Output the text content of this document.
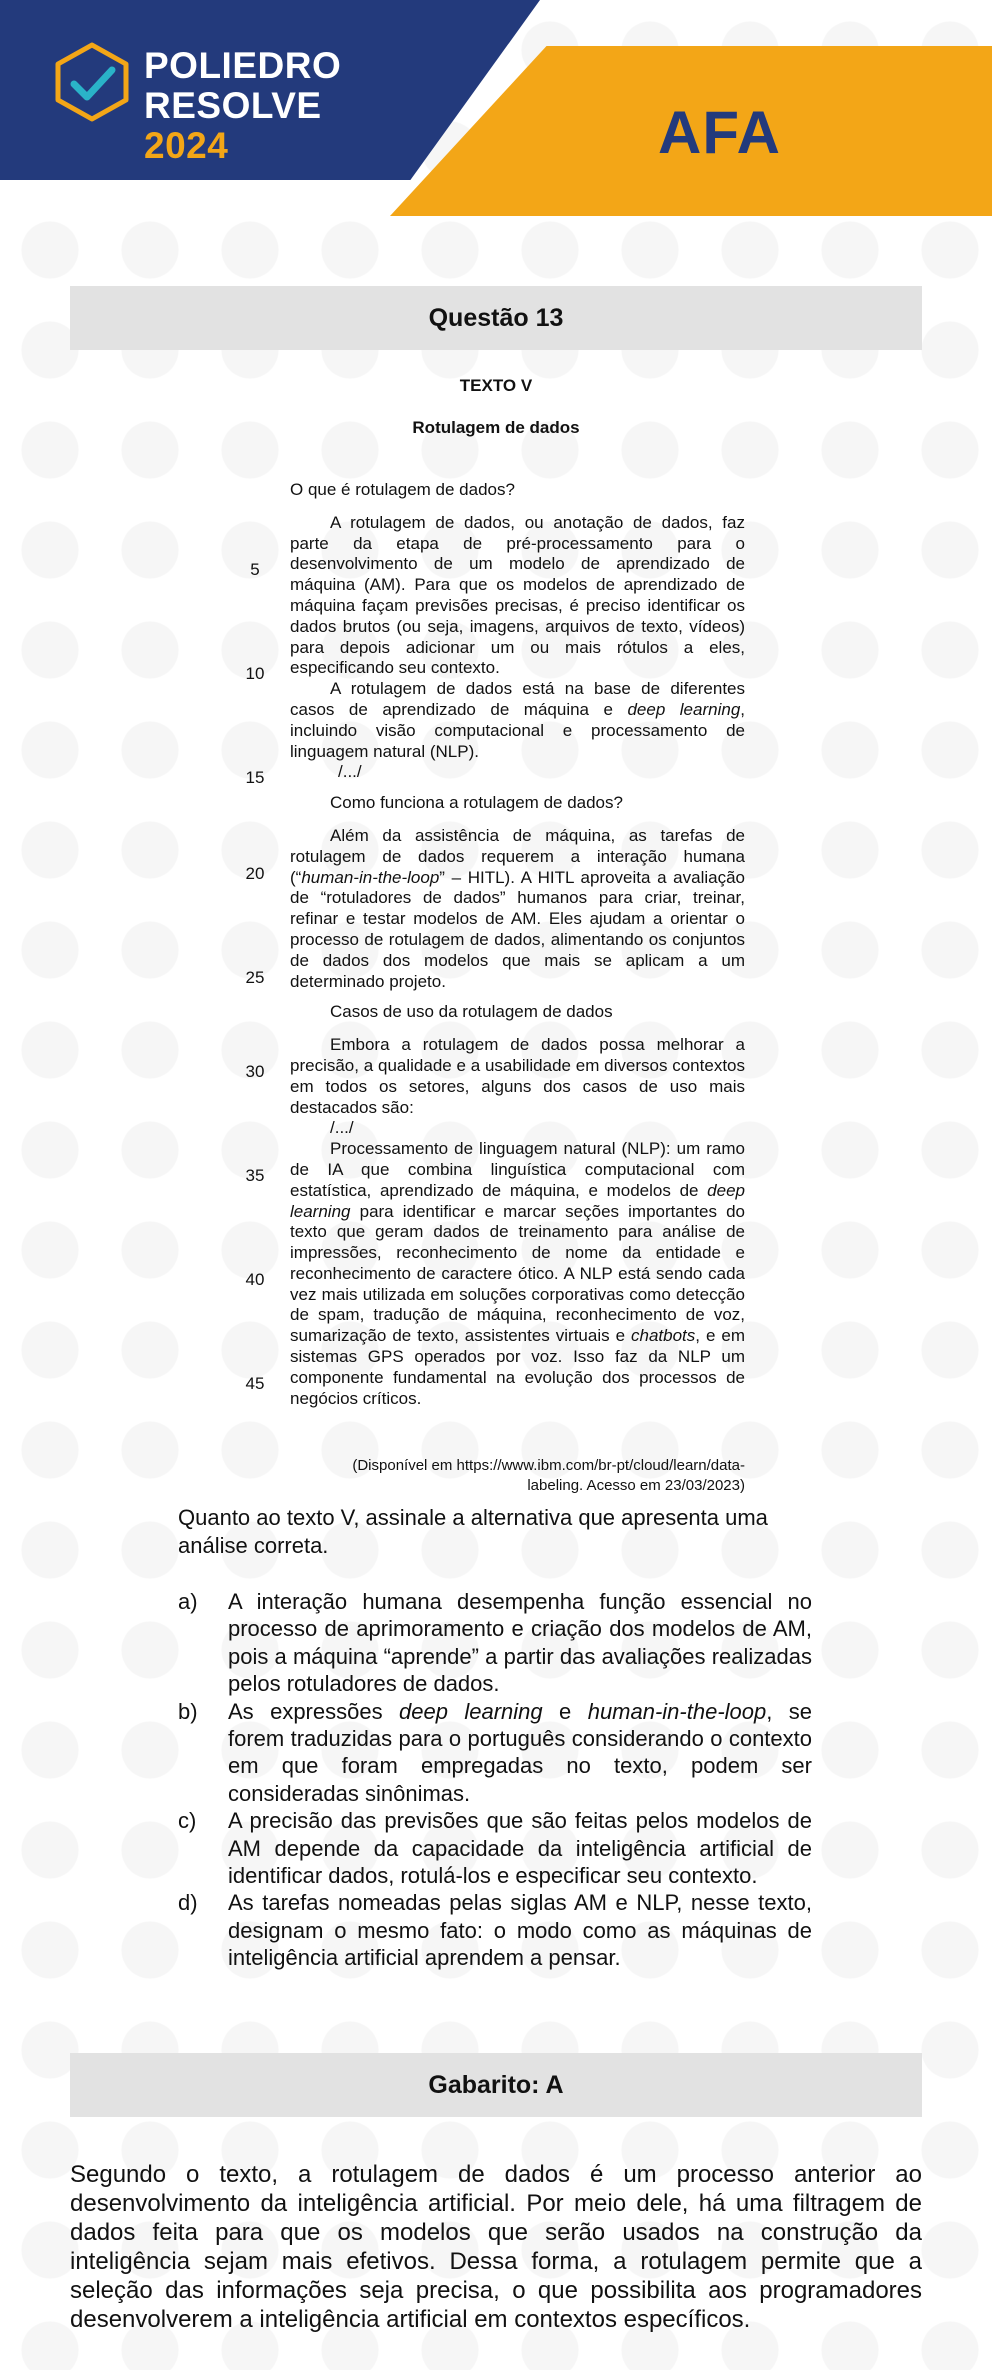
POLIEDRO
RESOLVE
2024	AFA
Questão 13
TEXTO V
Rotulagem de dados
5
10
15
20
25
30
35
40
45

O que é rotulagem de dados?

A rotulagem de dados, ou anotação de dados, faz parte da etapa de pré-processamento para o desenvolvimento de um modelo de aprendizado de máquina (AM). Para que os modelos de aprendizado de máquina façam previsões precisas, é preciso identificar os dados brutos (ou seja, imagens, arquivos de texto, vídeos) para depois adicionar um ou mais rótulos a eles, especificando seu contexto.

A rotulagem de dados está na base de diferentes casos de aprendizado de máquina e deep learning, incluindo visão computacional e processamento de linguagem natural (NLP).

/.../

Como funciona a rotulagem de dados?

Além da assistência de máquina, as tarefas de rotulagem de dados requerem a interação humana (“human-in-the-loop” – HITL). A HITL aproveita a avaliação de “rotuladores de dados” humanos para criar, treinar, refinar e testar modelos de AM. Eles ajudam a orientar o processo de rotulagem de dados, alimentando os conjuntos de dados dos modelos que mais se aplicam a um determinado projeto.

Casos de uso da rotulagem de dados

Embora a rotulagem de dados possa melhorar a precisão, a qualidade e a usabilidade em diversos contextos em todos os setores, alguns dos casos de uso mais destacados são:

/.../

Processamento de linguagem natural (NLP): um ramo de IA que combina linguística computacional com estatística, aprendizado de máquina, e modelos de deep learning para identificar e marcar seções importantes do texto que geram dados de treinamento para análise de impressões, reconhecimento de nome da entidade e reconhecimento de caractere ótico. A NLP está sendo cada vez mais utilizada em soluções corporativas como detecção de spam, tradução de máquina, reconhecimento de voz, sumarização de texto, assistentes virtuais e chatbots, e em sistemas GPS operados por voz. Isso faz da NLP um componente fundamental na evolução dos processos de negócios críticos.

(Disponível em https://www.ibm.com/br-pt/cloud/learn/data-labeling. Acesso em 23/03/2023)
Quanto ao texto V, assinale a alternativa que apresenta uma análise correta.
a)	A interação humana desempenha função essencial no processo de aprimoramento e criação dos modelos de AM, pois a máquina “aprende” a partir das avaliações realizadas pelos rotuladores de dados.
b)	As expressões deep learning e human-in-the-loop, se forem traduzidas para o português considerando o contexto em que foram empregadas no texto, podem ser consideradas sinônimas.
c)	A precisão das previsões que são feitas pelos modelos de AM depende da capacidade da inteligência artificial de identificar dados, rotulá-los e especificar seu contexto.
d)	As tarefas nomeadas pelas siglas AM e NLP, nesse texto, designam o mesmo fato: o modo como as máquinas de inteligência artificial aprendem a pensar.
Gabarito: A
Segundo o texto, a rotulagem de dados é um processo anterior ao desenvolvimento da inteligência artificial. Por meio dele, há uma filtragem de dados feita para que os modelos que serão usados na construção da inteligência sejam mais efetivos. Dessa forma, a rotulagem permite que a seleção das informações seja precisa, o que possibilita aos programadores desenvolverem a inteligência artificial em contextos específicos.
